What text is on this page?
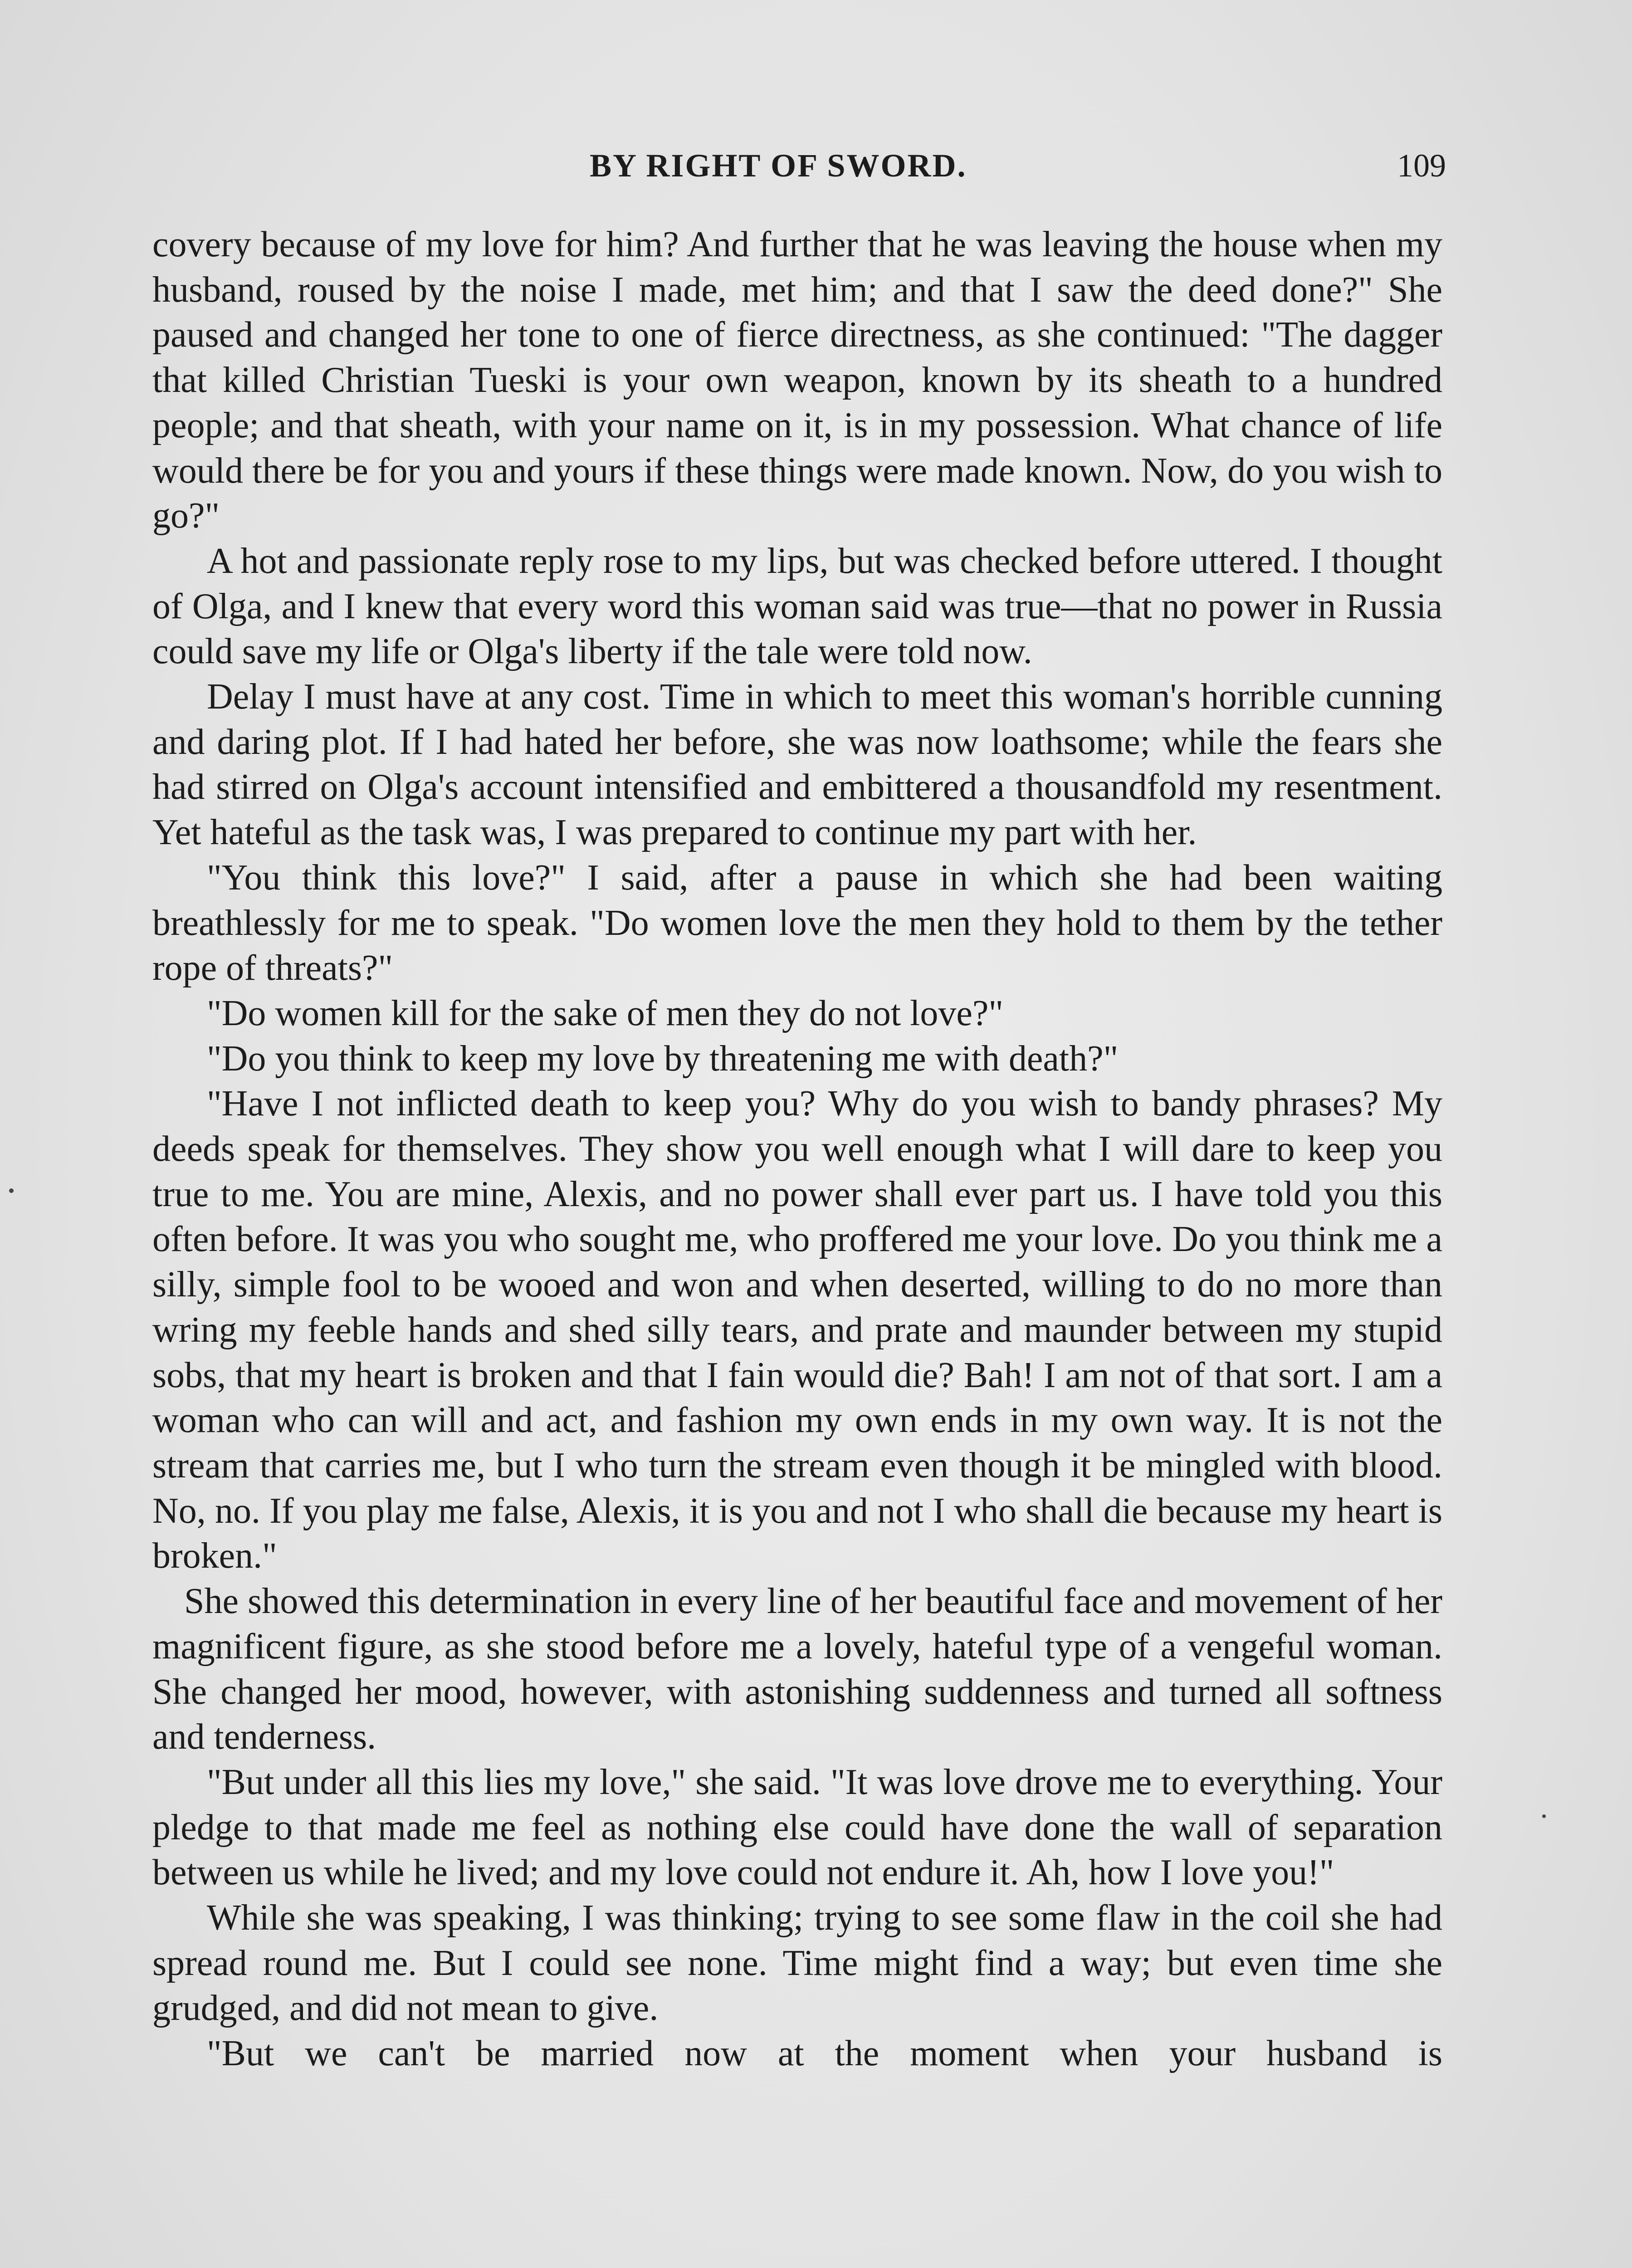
BY RIGHT OF SWORD.	109

covery because of my love for him? And further that he was leaving the house when my husband, roused by the noise I made, met him; and that I saw the deed done?" She paused and changed her tone to one of fierce directness, as she continued: "The dagger that killed Christian Tueski is your own weapon, known by its sheath to a hundred people; and that sheath, with your name on it, is in my possession. What chance of life would there be for you and yours if these things were made known. Now, do you wish to go?"

A hot and passionate reply rose to my lips, but was checked before uttered. I thought of Olga, and I knew that every word this woman said was true—that no power in Russia could save my life or Olga's liberty if the tale were told now.

Delay I must have at any cost. Time in which to meet this woman's horrible cunning and daring plot. If I had hated her before, she was now loathsome; while the fears she had stirred on Olga's account intensified and embittered a thousandfold my resentment. Yet hateful as the task was, I was prepared to continue my part with her.

"You think this love?" I said, after a pause in which she had been waiting breathlessly for me to speak. "Do women love the men they hold to them by the tether rope of threats?"

"Do women kill for the sake of men they do not love?"

"Do you think to keep my love by threatening me with death?"

"Have I not inflicted death to keep you? Why do you wish to bandy phrases? My deeds speak for themselves. They show you well enough what I will dare to keep you true to me. You are mine, Alexis, and no power shall ever part us. I have told you this often before. It was you who sought me, who proffered me your love. Do you think me a silly, simple fool to be wooed and won and when deserted, willing to do no more than wring my feeble hands and shed silly tears, and prate and maunder between my stupid sobs, that my heart is broken and that I fain would die? Bah! I am not of that sort. I am a woman who can will and act, and fashion my own ends in my own way. It is not the stream that carries me, but I who turn the stream even though it be mingled with blood. No, no. If you play me false, Alexis, it is you and not I who shall die because my heart is broken."

She showed this determination in every line of her beautiful face and movement of her magnificent figure, as she stood before me a lovely, hateful type of a vengeful woman. She changed her mood, however, with astonishing suddenness and turned all softness and tenderness.

"But under all this lies my love," she said. "It was love drove me to everything. Your pledge to that made me feel as nothing else could have done the wall of separation between us while he lived; and my love could not endure it. Ah, how I love you!"

While she was speaking, I was thinking; trying to see some flaw in the coil she had spread round me. But I could see none. Time might find a way; but even time she grudged, and did not mean to give.

"But we can't be married now at the moment when your husband is
